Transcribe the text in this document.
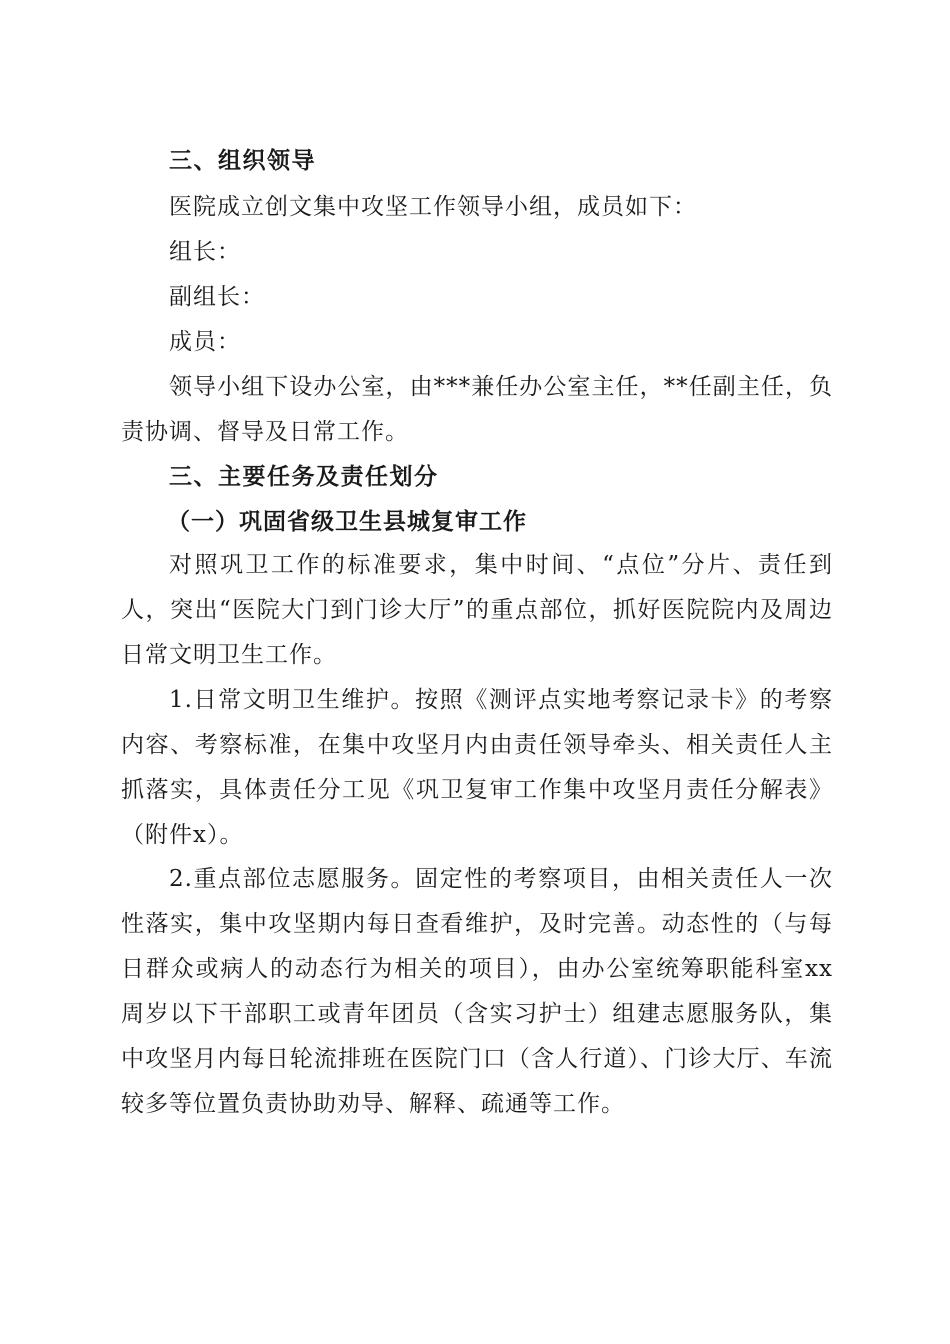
三、组织领导

医院成立创文集中攻坚工作领导小组，成员如下：

组长：

副组长：

成员：

领导小组下设办公室，由***兼任办公室主任，**任副主任，负责协调、督导及日常工作。

三、主要任务及责任划分

（一）巩固省级卫生县城复审工作

对照巩卫工作的标准要求，集中时间、“点位”分片、责任到人，突出“医院大门到门诊大厅”的重点部位，抓好医院院内及周边日常文明卫生工作。

1.日常文明卫生维护。按照《测评点实地考察记录卡》的考察内容、考察标准，在集中攻坚月内由责任领导牵头、相关责任人主抓落实，具体责任分工见《巩卫复审工作集中攻坚月责任分解表》（附件x）。

2.重点部位志愿服务。固定性的考察项目，由相关责任人一次性落实，集中攻坚期内每日查看维护，及时完善。动态性的（与每日群众或病人的动态行为相关的项目），由办公室统筹职能科室xx周岁以下干部职工或青年团员（含实习护士）组建志愿服务队，集中攻坚月内每日轮流排班在医院门口（含人行道）、门诊大厅、车流较多等位置负责协助劝导、解释、疏通等工作。
